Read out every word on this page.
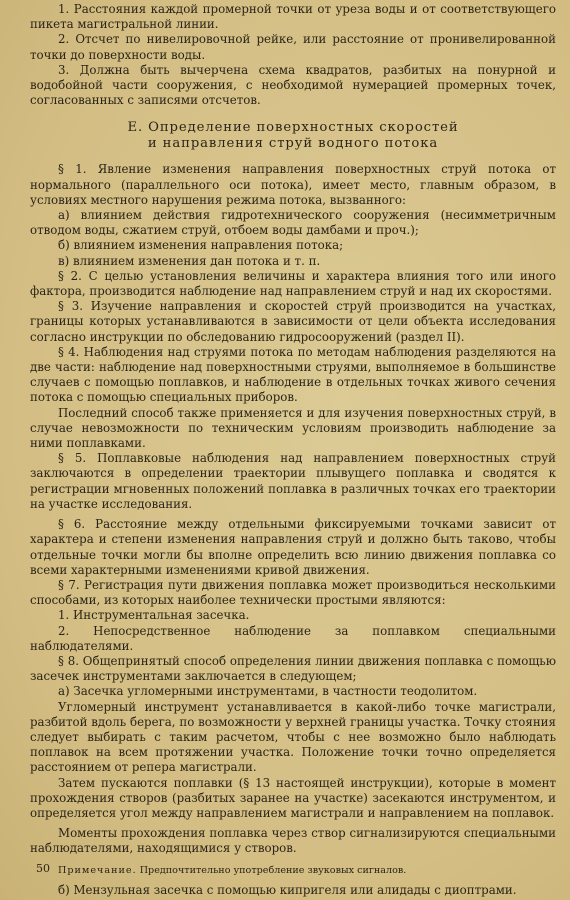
1. Расстояния каждой промерной точки от уреза воды и от соответствующего пикета магистральной линии.

2. Отсчет по нивелировочной рейке, или расстояние от пронивелированной точки до поверхности воды.

3. Должна быть вычерчена схема квадратов, разбитых на понурной и водобойной части сооружения, с необходимой нумерацией промерных точек, согласованных с записями отсчетов.

Е. Определение поверхностных скоростей
и направления струй водного потока

§ 1. Явление изменения направления поверхностных струй потока от нормального (параллельного оси потока), имеет место, главным образом, в условиях местного нарушения режима потока, вызванного:

а) влиянием действия гидротехнического сооружения (несимметричным отводом воды, сжатием струй, отбоем воды дамбами и проч.);

б) влиянием изменения направления потока;

в) влиянием изменения дан потока и т. п.

§ 2. С целью установления величины и характера влияния того или иного фактора, производится наблюдение над направлением струй и над их скоростями.

§ 3. Изучение направления и скоростей струй производится на участках, границы которых устанавливаются в зависимости от цели объекта исследования согласно инструкции по обследованию гидросооружений (раздел II).

§ 4. Наблюдения над струями потока по методам наблюдения разделяются на две части: наблюдение над поверхностными струями, выполняемое в большинстве случаев с помощью поплавков, и наблюдение в отдельных точках живого сечения потока с помощью специальных приборов.

Последний способ также применяется и для изучения поверхностных струй, в случае невозможности по техническим условиям производить наблюдение за ними поплавками.

§ 5. Поплавковые наблюдения над направлением поверхностных струй заключаются в определении траектории плывущего поплавка и сводятся к регистрации мгновенных положений поплавка в различных точках его траектории на участке исследования.

§ 6. Расстояние между отдельными фиксируемыми точками зависит от характера и степени изменения направления струй и должно быть таково, чтобы отдельные точки могли бы вполне определить всю линию движения поплавка со всеми характерными изменениями кривой движения.

§ 7. Регистрация пути движения поплавка может производиться несколькими способами, из которых наиболее технически простыми являются:

1. Инструментальная засечка.

2. Непосредственное наблюдение за поплавком специальными наблюдателями.

§ 8. Общепринятый способ определения линии движения поплавка с помощью засечек инструментами заключается в следующем;

а) Засечка угломерными инструментами, в частности теодолитом.

Угломерный инструмент устанавливается в какой-либо точке магистрали, разбитой вдоль берега, по возможности у верхней границы участка. Точку стояния следует выбирать с таким расчетом, чтобы с нее возможно было наблюдать поплавок на всем протяжении участка. Положение точки точно определяется расстоянием от репера магистрали.

Затем пускаются поплавки (§ 13 настоящей инструкции), которые в момент прохождения створов (разбитых заранее на участке) засекаются инструментом, и определяется угол между направлением магистрали и направлением на поплавок.

Моменты прохождения поплавка через створ сигнализируются специальными наблюдателями, находящимися у створов.

Примечание. Предпочтительно употребление звуковых сигналов.

б) Мензульная засечка с помощью кипригеля или алидады с диоптрами.

50
